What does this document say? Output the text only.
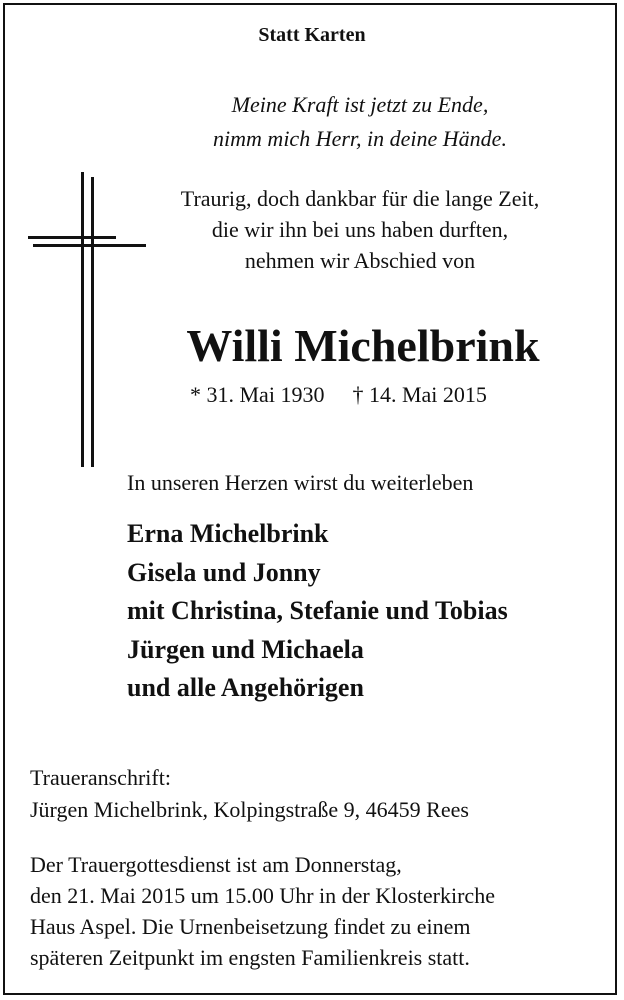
Statt Karten
Meine Kraft ist jetzt zu Ende,
nimm mich Herr, in deine Hände.
Traurig, doch dankbar für die lange Zeit,
die wir ihn bei uns haben durften,
nehmen wir Abschied von
Willi Michelbrink
* 31. Mai 1930 † 14. Mai 2015
In unseren Herzen wirst du weiterleben
Erna Michelbrink
Gisela und Jonny
mit Christina, Stefanie und Tobias
Jürgen und Michaela
und alle Angehörigen
Traueranschrift:
Jürgen Michelbrink, Kolpingstraße 9, 46459 Rees
Der Trauergottesdienst ist am Donnerstag,
den 21. Mai 2015 um 15.00 Uhr in der Klosterkirche
Haus Aspel. Die Urnenbeisetzung findet zu einem
späteren Zeitpunkt im engsten Familienkreis statt.
